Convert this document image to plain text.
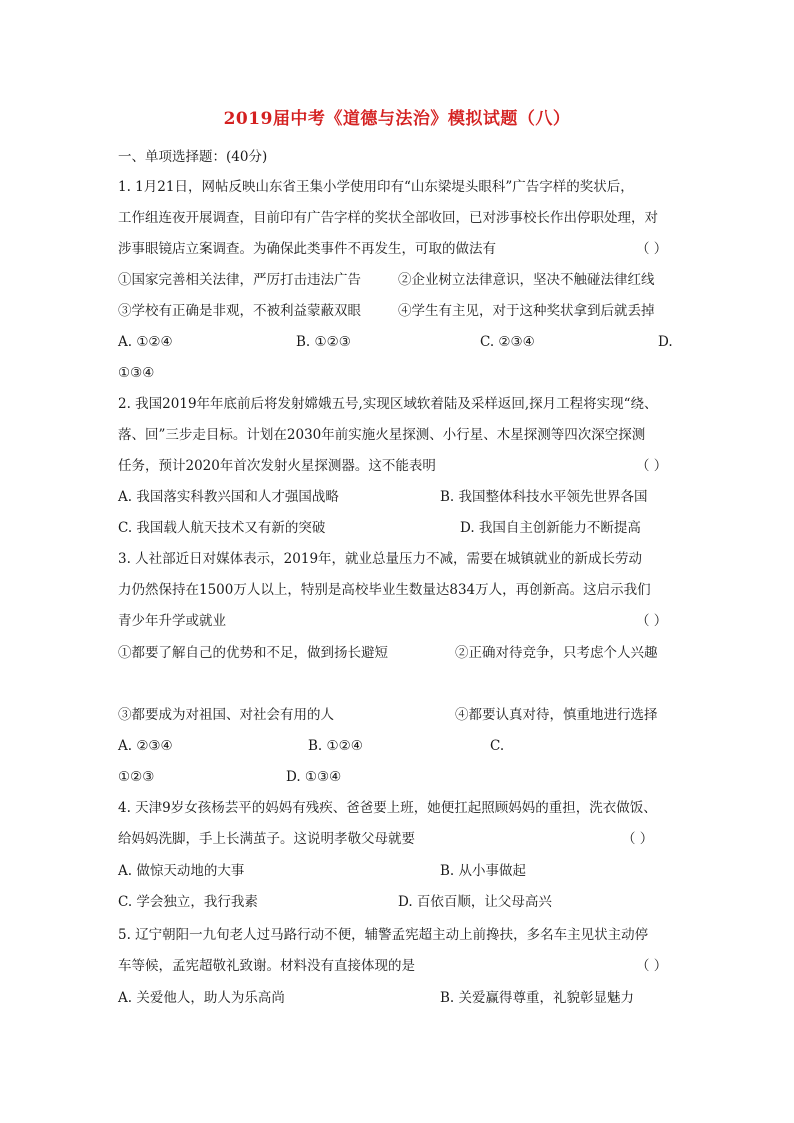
2019届中考《道德与法治》模拟试题（八）
一、单项选择题：(40分)
1. 1月21日，网帖反映山东省王集小学使用印有“山东梁堤头眼科”广告字样的奖状后，
工作组连夜开展调查，目前印有广告字样的奖状全部收回，已对涉事校长作出停职处理，对
涉事眼镜店立案调查。为确保此类事件不再发生，可取的做法有	（ ）
①国家完善相关法律，严厉打击违法广告	②企业树立法律意识，坚决不触碰法律红线
③学校有正确是非观，不被利益蒙蔽双眼	④学生有主见，对于这种奖状拿到后就丢掉
A. ①②④	B. ①②③	C. ②③④	D.
①③④
2. 我国2019年年底前后将发射嫦娥五号,实现区域软着陆及采样返回,探月工程将实现“绕、
落、回”三步走目标。计划在2030年前实施火星探测、小行星、木星探测等四次深空探测
任务，预计2020年首次发射火星探测器。这不能表明	（ ）
A. 我国落实科教兴国和人才强国战略	B. 我国整体科技水平领先世界各国
C. 我国载人航天技术又有新的突破	D. 我国自主创新能力不断提高
3. 人社部近日对媒体表示，2019年，就业总量压力不减，需要在城镇就业的新成长劳动
力仍然保持在1500万人以上，特别是高校毕业生数量达834万人，再创新高。这启示我们
青少年升学或就业	（ ）
①都要了解自己的优势和不足，做到扬长避短	②正确对待竞争，只考虑个人兴趣
③都要成为对祖国、对社会有用的人	④都要认真对待，慎重地进行选择
A. ②③④	B. ①②④	C.
①②③	D. ①③④
4. 天津9岁女孩杨芸平的妈妈有残疾、爸爸要上班，她便扛起照顾妈妈的重担，洗衣做饭、
给妈妈洗脚，手上长满茧子。这说明孝敬父母就要	（ ）
A. 做惊天动地的大事	B. 从小事做起
C. 学会独立，我行我素	D. 百依百顺，让父母高兴
5. 辽宁朝阳一九旬老人过马路行动不便，辅警孟宪超主动上前搀扶，多名车主见状主动停
车等候，孟宪超敬礼致谢。材料没有直接体现的是	（ ）
A. 关爱他人，助人为乐高尚	B. 关爱赢得尊重，礼貌彰显魅力
